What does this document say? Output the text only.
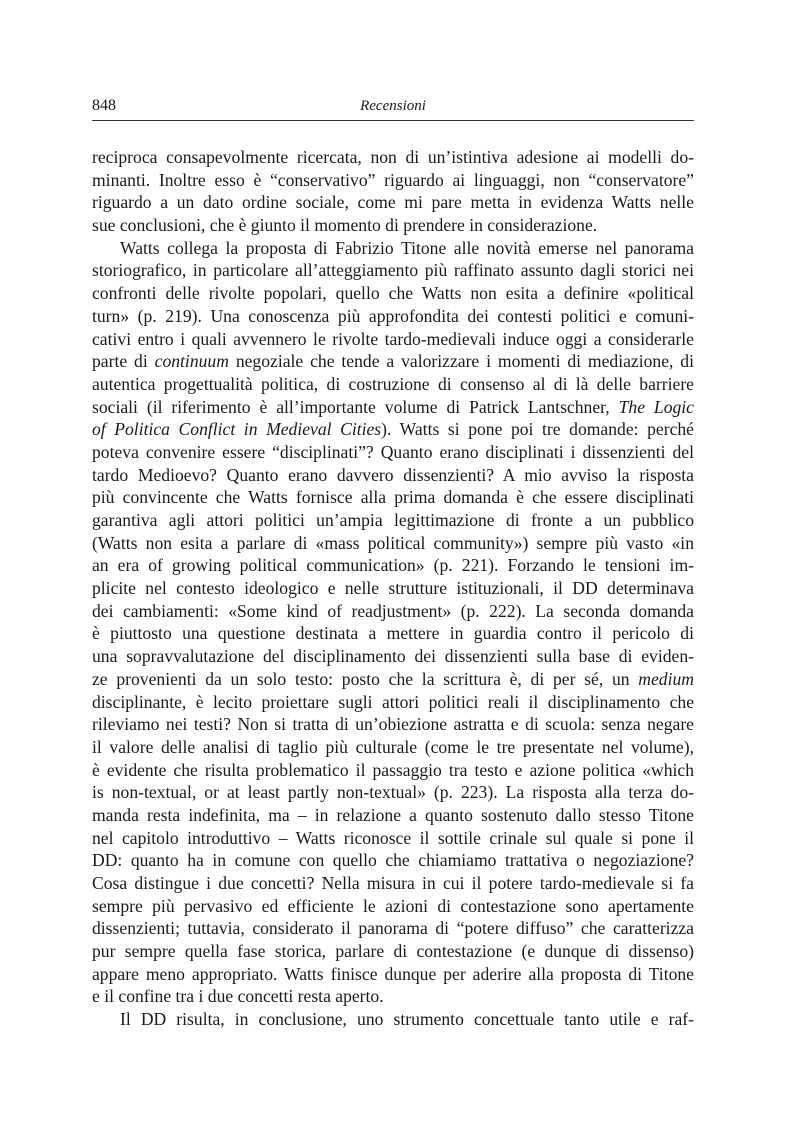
848	Recensioni
reciproca consapevolmente ricercata, non di un’istintiva adesione ai modelli do-
minanti. Inoltre esso è “conservativo” riguardo ai linguaggi, non “conservatore”
riguardo a un dato ordine sociale, come mi pare metta in evidenza Watts nelle
sue conclusioni, che è giunto il momento di prendere in considerazione.
Watts collega la proposta di Fabrizio Titone alle novità emerse nel panorama
storiografico, in particolare all’atteggiamento più raffinato assunto dagli storici nei
confronti delle rivolte popolari, quello che Watts non esita a definire «political
turn» (p. 219). Una conoscenza più approfondita dei contesti politici e comuni-
cativi entro i quali avvennero le rivolte tardo-medievali induce oggi a considerarle
parte di continuum negoziale che tende a valorizzare i momenti di mediazione, di
autentica progettualità politica, di costruzione di consenso al di là delle barriere
sociali (il riferimento è all’importante volume di Patrick Lantschner, The Logic
of Politica Conflict in Medieval Cities). Watts si pone poi tre domande: perché
poteva convenire essere “disciplinati”? Quanto erano disciplinati i dissenzienti del
tardo Medioevo? Quanto erano davvero dissenzienti? A mio avviso la risposta
più convincente che Watts fornisce alla prima domanda è che essere disciplinati
garantiva agli attori politici un’ampia legittimazione di fronte a un pubblico
(Watts non esita a parlare di «mass political community») sempre più vasto «in
an era of growing political communication» (p. 221). Forzando le tensioni im-
plicite nel contesto ideologico e nelle strutture istituzionali, il DD determinava
dei cambiamenti: «Some kind of readjustment» (p. 222). La seconda domanda
è piuttosto una questione destinata a mettere in guardia contro il pericolo di
una sopravvalutazione del disciplinamento dei dissenzienti sulla base di eviden-
ze provenienti da un solo testo: posto che la scrittura è, di per sé, un medium
disciplinante, è lecito proiettare sugli attori politici reali il disciplinamento che
rileviamo nei testi? Non si tratta di un’obiezione astratta e di scuola: senza negare
il valore delle analisi di taglio più culturale (come le tre presentate nel volume),
è evidente che risulta problematico il passaggio tra testo e azione politica «which
is non-textual, or at least partly non-textual» (p. 223). La risposta alla terza do-
manda resta indefinita, ma – in relazione a quanto sostenuto dallo stesso Titone
nel capitolo introduttivo – Watts riconosce il sottile crinale sul quale si pone il
DD: quanto ha in comune con quello che chiamiamo trattativa o negoziazione?
Cosa distingue i due concetti? Nella misura in cui il potere tardo-medievale si fa
sempre più pervasivo ed efficiente le azioni di contestazione sono apertamente
dissenzienti; tuttavia, considerato il panorama di “potere diffuso” che caratterizza
pur sempre quella fase storica, parlare di contestazione (e dunque di dissenso)
appare meno appropriato. Watts finisce dunque per aderire alla proposta di Titone
e il confine tra i due concetti resta aperto.
Il DD risulta, in conclusione, uno strumento concettuale tanto utile e raf-
